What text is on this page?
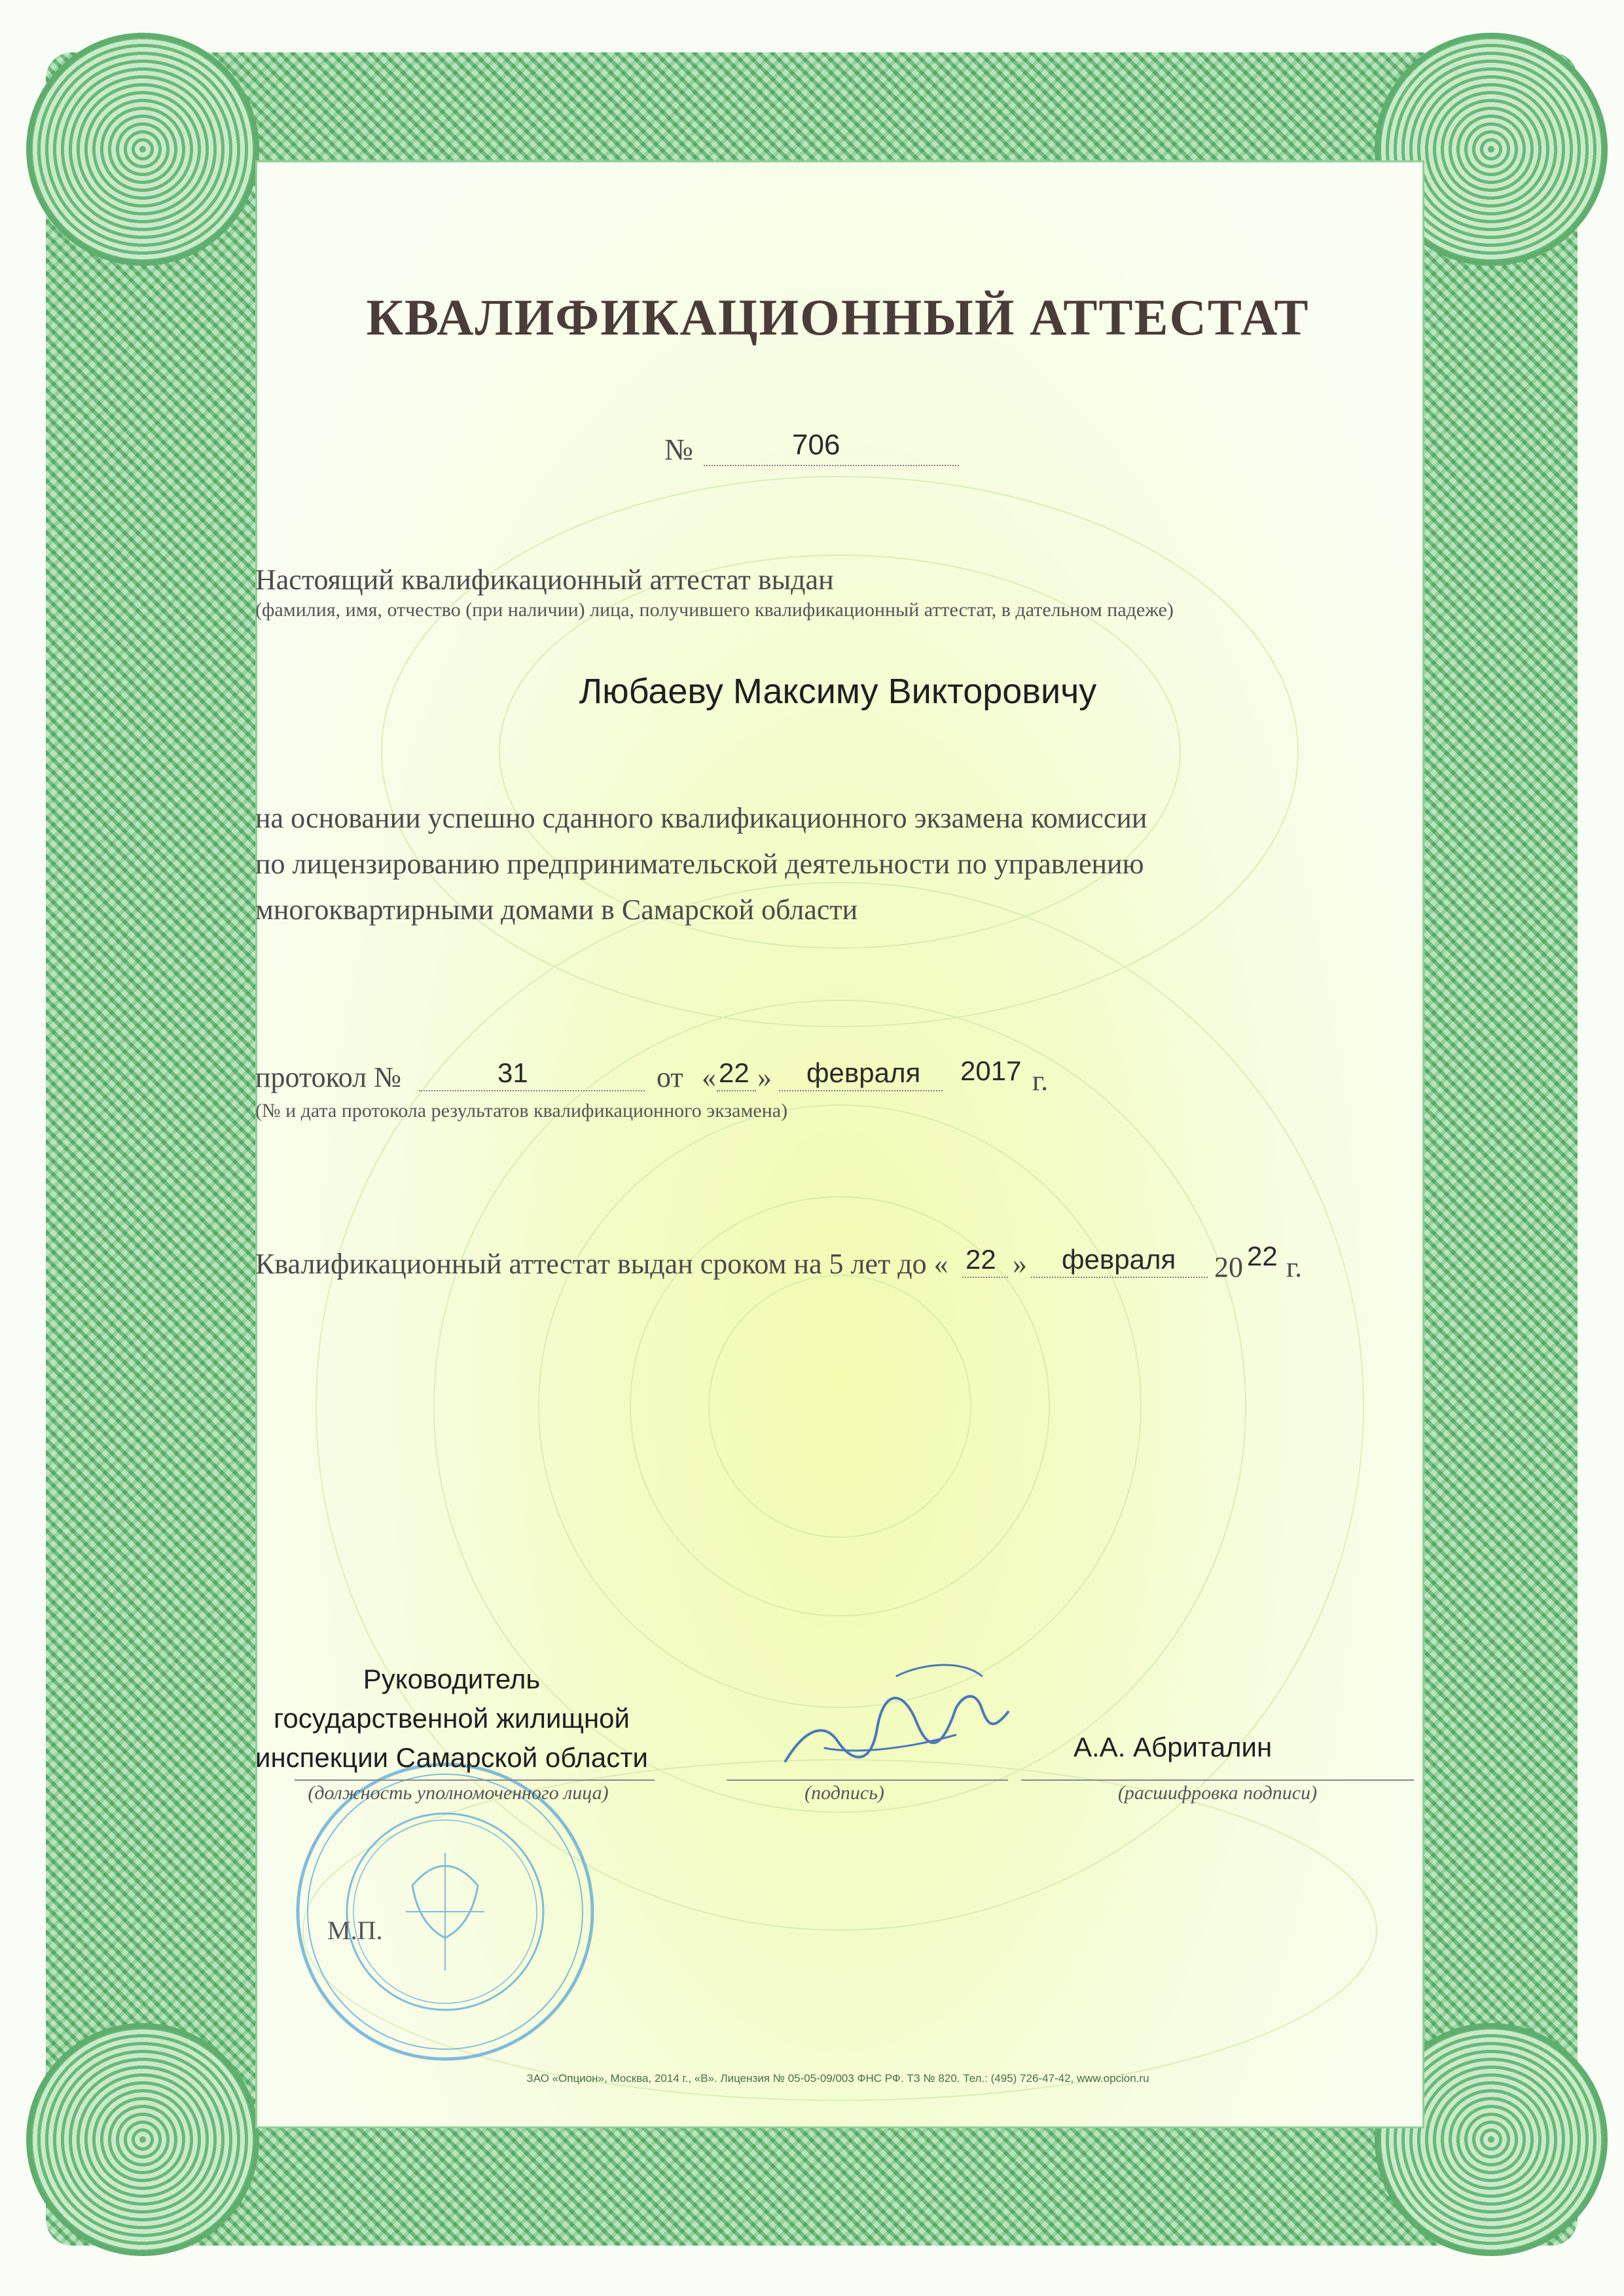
КВАЛИФИКАЦИОННЫЙ АТТЕСТАТ
№	706
Настоящий квалификационный аттестат выдан
(фамилия, имя, отчество (при наличии) лица, получившего квалификационный аттестат, в дательном падеже)
Любаеву Максиму Викторовичу
на основании успешно сданного квалификационного экзамена комиссии
по лицензированию предпринимательской деятельности по управлению
многоквартирными домами в Самарской области
протокол №	31	от « 22 » февраля 2017 г.
(№ и дата протокола результатов квалификационного экзамена)
Квалификационный аттестат выдан сроком на 5 лет до « 22 » февраля 20 22 г.
М.П.
Руководитель
государственной жилищной
инспекции Самарской области
(должность уполномоченного лица)	(подпись)
А.А. Абриталин
(расшифровка подписи)
ЗАО «Опцион», Москва, 2014 г., «В». Лицензия № 05-05-09/003 ФНС РФ. ТЗ № 820. Тел.: (495) 726-47-42, www.opcion.ru
